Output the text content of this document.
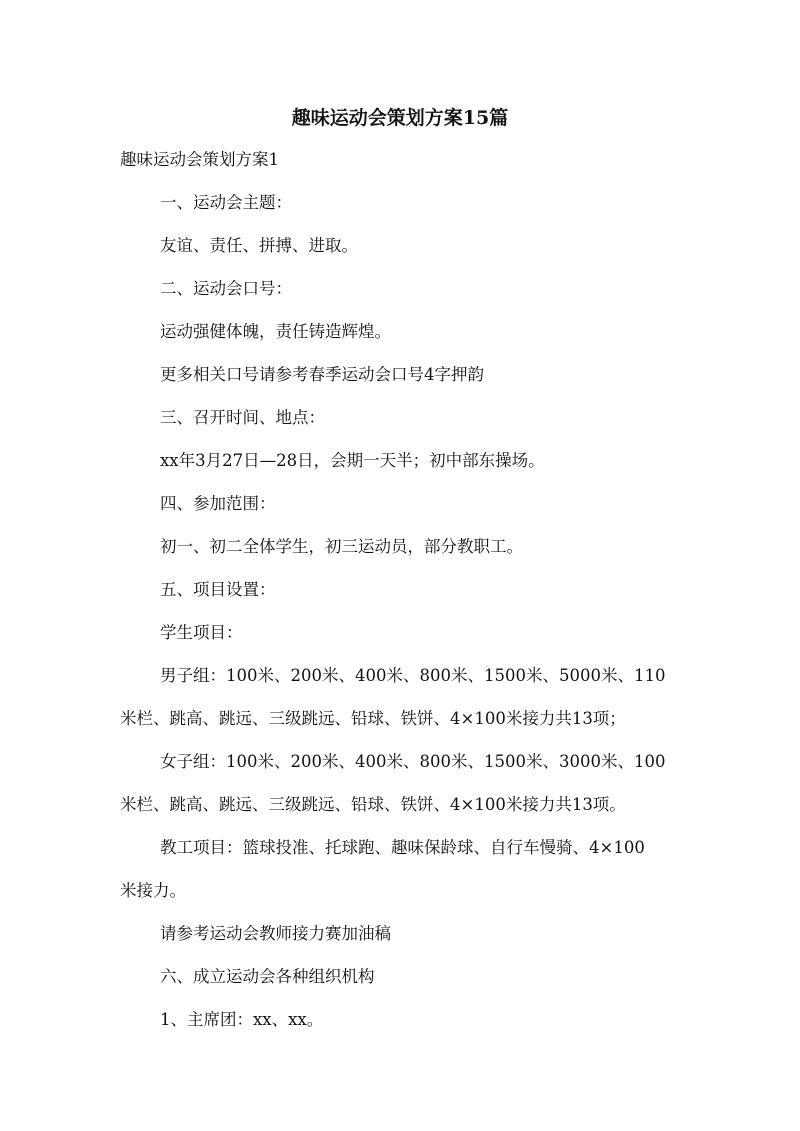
趣味运动会策划方案15篇
趣味运动会策划方案1
一、运动会主题：
友谊、责任、拼搏、进取。
二、运动会口号：
运动强健体魄，责任铸造辉煌。
更多相关口号请参考春季运动会口号4字押韵
三、召开时间、地点：
xx年3月27日—28日，会期一天半；初中部东操场。
四、参加范围：
初一、初二全体学生，初三运动员，部分教职工。
五、项目设置：
学生项目：
男子组：100米、200米、400米、800米、1500米、5000米、110
米栏、跳高、跳远、三级跳远、铅球、铁饼、4×100米接力共13项；
女子组：100米、200米、400米、800米、1500米、3000米、100
米栏、跳高、跳远、三级跳远、铅球、铁饼、4×100米接力共13项。
教工项目：篮球投准、托球跑、趣味保龄球、自行车慢骑、4×100
米接力。
请参考运动会教师接力赛加油稿
六、成立运动会各种组织机构
1、主席团：xx、xx。
